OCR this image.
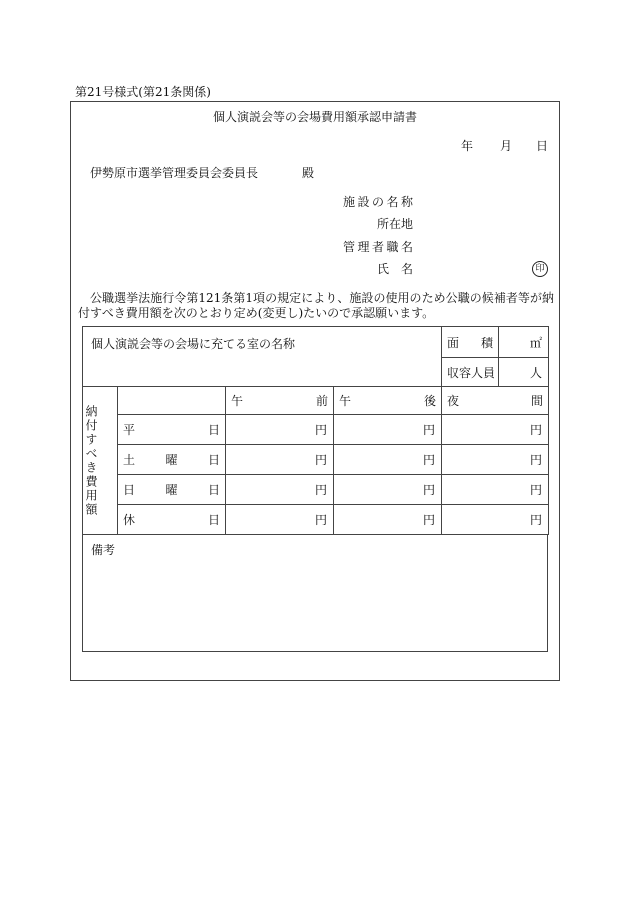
第21号様式(第21条関係)
個人演説会等の会場費用額承認申請書
年 月 日
伊勢原市選挙管理委員会委員長	殿
施設の名称
所在地
管理者職名
氏名	印
公職選挙法施行令第121条第1項の規定により、施設の使用のため公職の候補者等が納付すべき費用額を次のとおり定め(変更し)たいので承認願います。
個人演説会等の会場に充てる室の名称				面 積	㎡
				収容人員	人

納付すべき費用額		午 前	午 後	夜 間	

	平 日	円	円	円	

	土 曜 日	円	円	円	

	日 曜 日	円	円	円	

	休 日	円	円	円	
備考
